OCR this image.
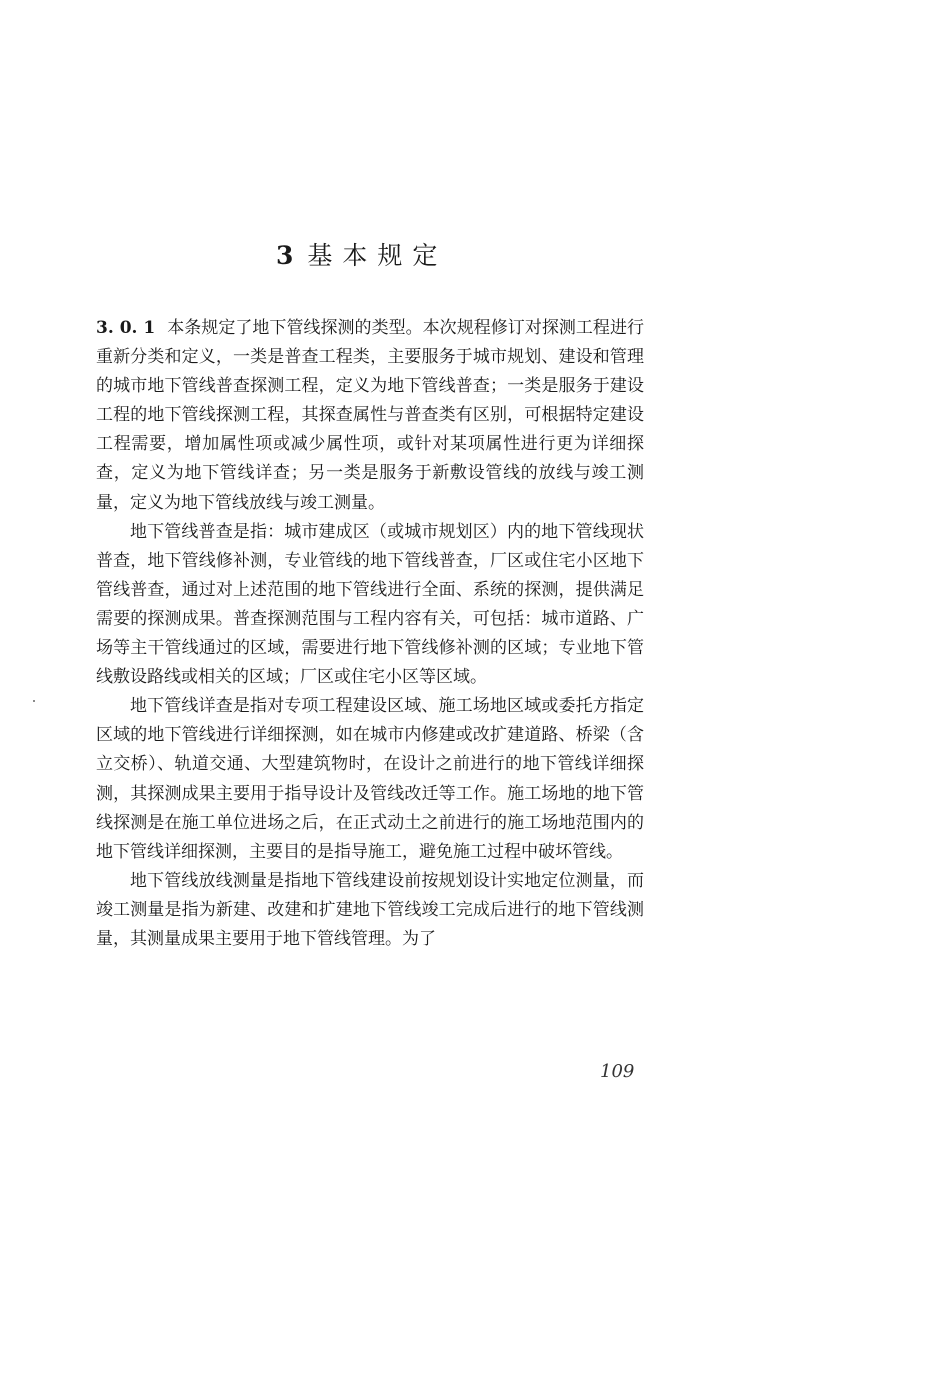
3 基本规定

3. 0. 1 本条规定了地下管线探测的类型。本次规程修订对探测工程进行重新分类和定义，一类是普查工程类，主要服务于城市规划、建设和管理的城市地下管线普查探测工程，定义为地下管线普查；一类是服务于建设工程的地下管线探测工程，其探查属性与普查类有区别，可根据特定建设工程需要，增加属性项或减少属性项，或针对某项属性进行更为详细探查，定义为地下管线详查；另一类是服务于新敷设管线的放线与竣工测量，定义为地下管线放线与竣工测量。

地下管线普查是指：城市建成区（或城市规划区）内的地下管线现状普查，地下管线修补测，专业管线的地下管线普查，厂区或住宅小区地下管线普查，通过对上述范围的地下管线进行全面、系统的探测，提供满足需要的探测成果。普查探测范围与工程内容有关，可包括：城市道路、广场等主干管线通过的区域，需要进行地下管线修补测的区域；专业地下管线敷设路线或相关的区域；厂区或住宅小区等区域。

地下管线详查是指对专项工程建设区域、施工场地区域或委托方指定区域的地下管线进行详细探测，如在城市内修建或改扩建道路、桥梁（含立交桥）、轨道交通、大型建筑物时，在设计之前进行的地下管线详细探测，其探测成果主要用于指导设计及管线改迁等工作。施工场地的地下管线探测是在施工单位进场之后，在正式动土之前进行的施工场地范围内的地下管线详细探测，主要目的是指导施工，避免施工过程中破坏管线。

地下管线放线测量是指地下管线建设前按规划设计实地定位测量，而竣工测量是指为新建、改建和扩建地下管线竣工完成后进行的地下管线测量，其测量成果主要用于地下管线管理。为了

109
